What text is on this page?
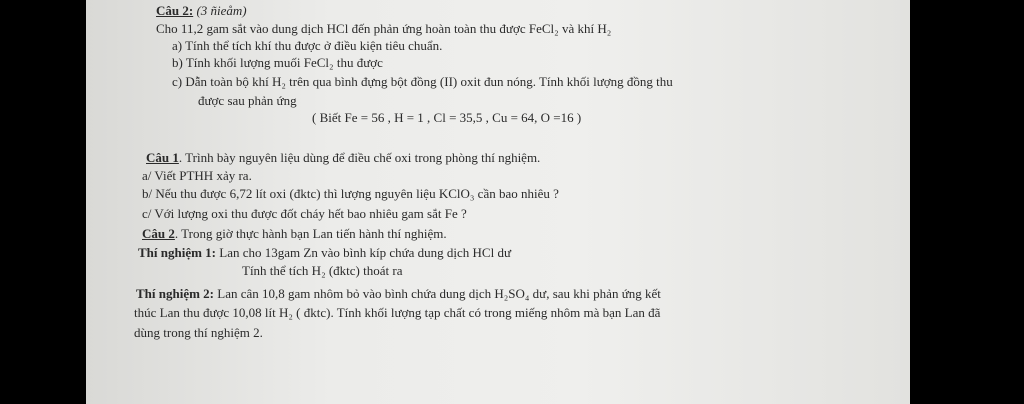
Câu 2: (3 ñieåm)
Cho 11,2 gam sắt vào dung dịch HCl đến phản ứng hoàn toàn thu được FeCl₂ và khí H₂
a) Tính thể tích khí thu được ở điều kiện tiêu chuẩn.
b) Tính khối lượng muối FeCl₂ thu được
c) Dẫn toàn bộ khí H₂ trên qua bình đựng bột đồng (II) oxit đun nóng. Tính khối lượng đồng thu
được sau phản ứng
( Biết Fe = 56 , H = 1 , Cl = 35,5 , Cu = 64, O =16 )
Câu 1. Trình bày nguyên liệu dùng để điều chế oxi trong phòng thí nghiệm.
a/ Viết PTHH xảy ra.
b/ Nếu thu được 6,72 lít oxi (đktc) thì lượng nguyên liệu KClO₃ cần bao nhiêu ?
c/ Với lượng oxi thu được đốt cháy hết bao nhiêu gam sắt Fe ?
Câu 2. Trong giờ thực hành bạn Lan tiến hành thí nghiệm.
Thí nghiệm 1: Lan cho 13gam Zn vào bình kíp chứa dung dịch HCl dư
Tính thể tích H₂ (đktc) thoát ra
Thí nghiệm 2: Lan cân 10,8 gam nhôm bỏ vào bình chứa dung dịch H₂SO₄ dư, sau khi phản ứng kết
thúc Lan thu được 10,08 lít H₂ ( đktc). Tính khối lượng tạp chất có trong miếng nhôm mà bạn Lan đã
dùng trong thí nghiệm 2.
